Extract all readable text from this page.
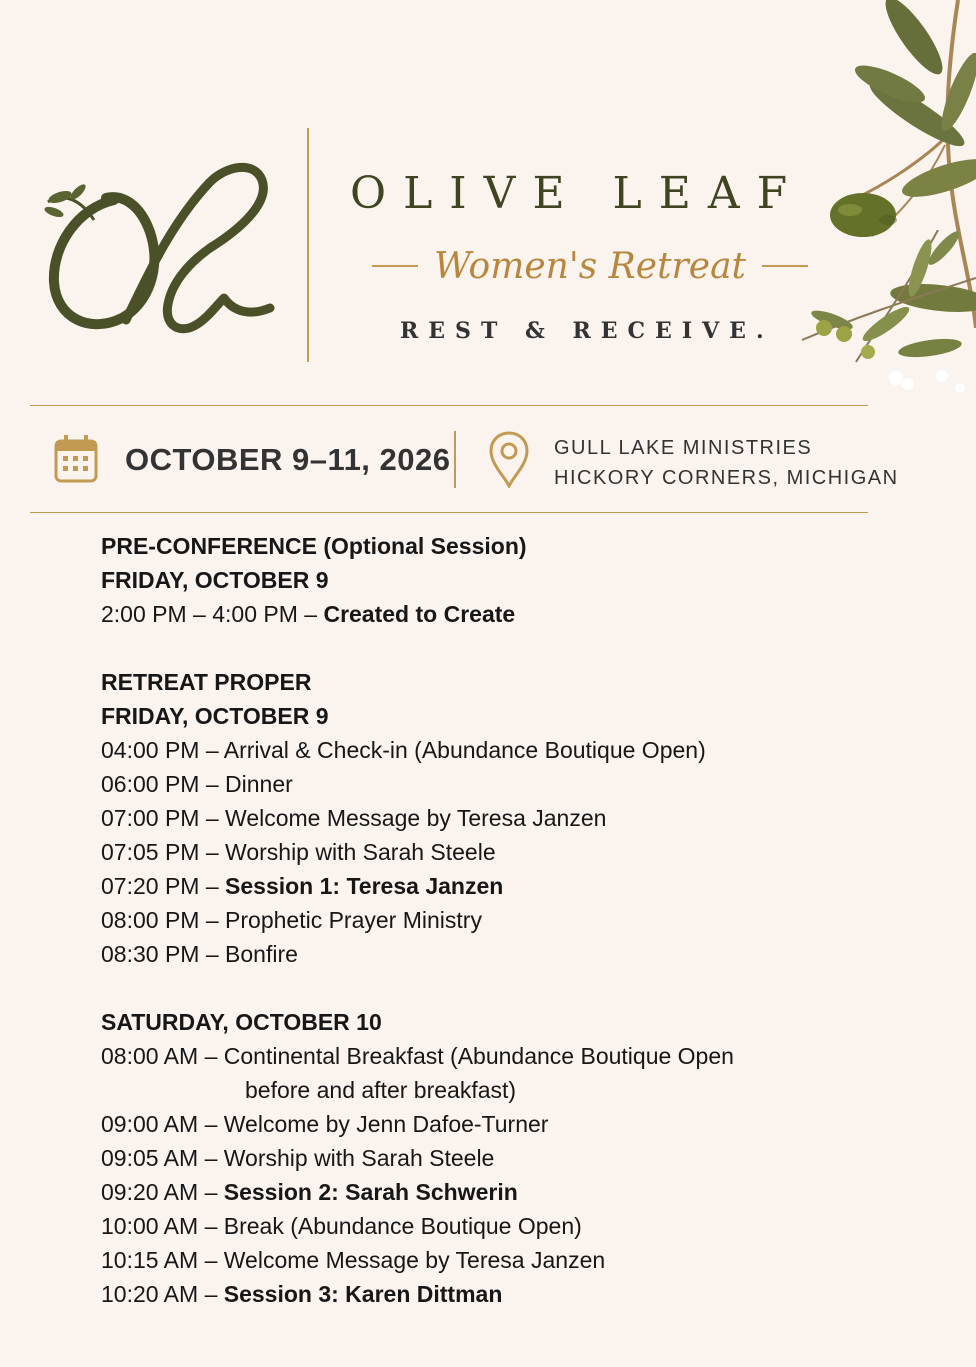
OLIVE LEAF
Women's Retreat
REST & RECEIVE.
OCTOBER 9–11, 2026	GULL LAKE MINISTRIES
HICKORY CORNERS, MICHIGAN
PRE-CONFERENCE (Optional Session)
FRIDAY, OCTOBER 9
2:00 PM – 4:00 PM – Created to Create
RETREAT PROPER
FRIDAY, OCTOBER 9
04:00 PM – Arrival & Check-in (Abundance Boutique Open)
06:00 PM – Dinner
07:00 PM – Welcome Message by Teresa Janzen
07:05 PM – Worship with Sarah Steele
07:20 PM – Session 1: Teresa Janzen
08:00 PM – Prophetic Prayer Ministry
08:30 PM – Bonfire
SATURDAY, OCTOBER 10
08:00 AM – Continental Breakfast (Abundance Boutique Open
before and after breakfast)
09:00 AM – Welcome by Jenn Dafoe-Turner
09:05 AM – Worship with Sarah Steele
09:20 AM – Session 2: Sarah Schwerin
10:00 AM – Break (Abundance Boutique Open)
10:15 AM – Welcome Message by Teresa Janzen
10:20 AM – Session 3: Karen Dittman
